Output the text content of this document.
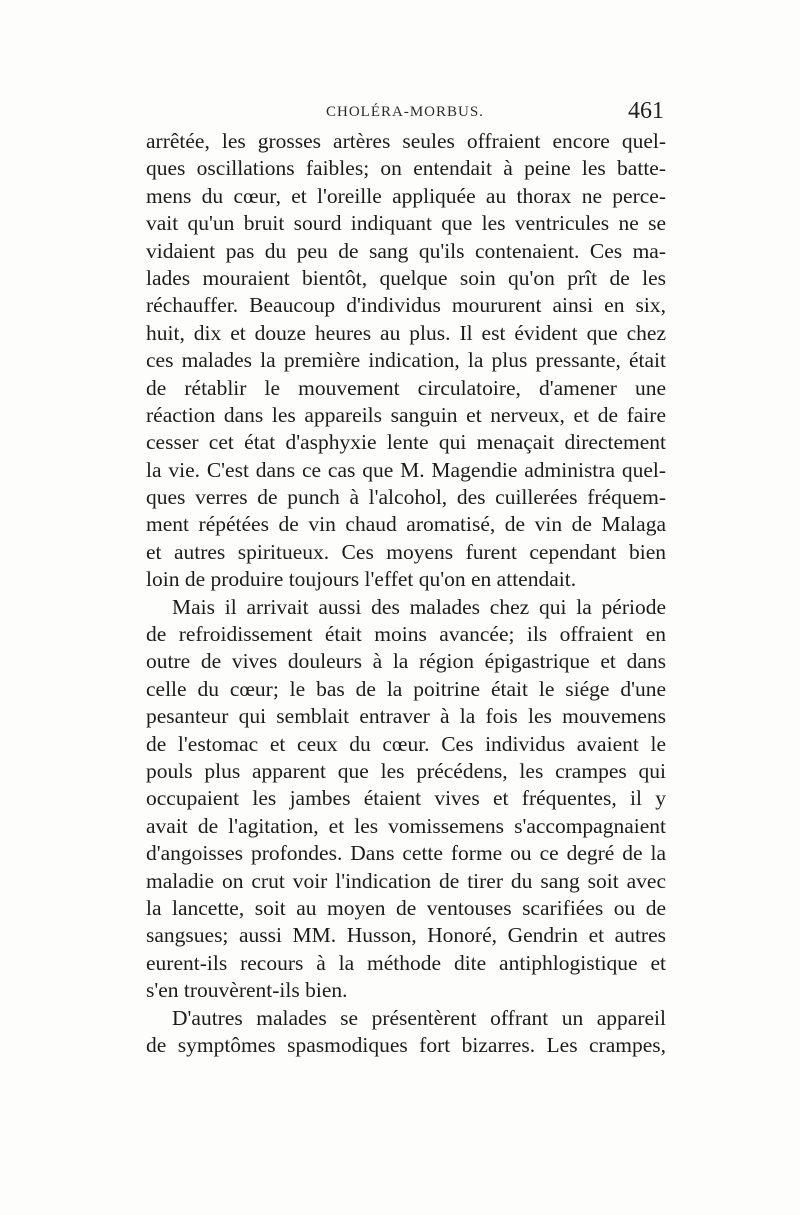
CHOLÉRA-MORBUS.	461
arrêtée, les grosses artères seules offraient encore quel-
ques oscillations faibles; on entendait à peine les batte-
mens du cœur, et l'oreille appliquée au thorax ne perce-
vait qu'un bruit sourd indiquant que les ventricules ne se
vidaient pas du peu de sang qu'ils contenaient. Ces ma-
lades mouraient bientôt, quelque soin qu'on prît de les
réchauffer. Beaucoup d'individus moururent ainsi en six,
huit, dix et douze heures au plus. Il est évident que chez
ces malades la première indication, la plus pressante, était
de rétablir le mouvement circulatoire, d'amener une
réaction dans les appareils sanguin et nerveux, et de faire
cesser cet état d'asphyxie lente qui menaçait directement
la vie. C'est dans ce cas que M. Magendie administra quel-
ques verres de punch à l'alcohol, des cuillerées fréquem-
ment répétées de vin chaud aromatisé, de vin de Malaga
et autres spiritueux. Ces moyens furent cependant bien
loin de produire toujours l'effet qu'on en attendait.
Mais il arrivait aussi des malades chez qui la période
de refroidissement était moins avancée; ils offraient en
outre de vives douleurs à la région épigastrique et dans
celle du cœur; le bas de la poitrine était le siége d'une
pesanteur qui semblait entraver à la fois les mouvemens
de l'estomac et ceux du cœur. Ces individus avaient le
pouls plus apparent que les précédens, les crampes qui
occupaient les jambes étaient vives et fréquentes, il y
avait de l'agitation, et les vomissemens s'accompagnaient
d'angoisses profondes. Dans cette forme ou ce degré de la
maladie on crut voir l'indication de tirer du sang soit avec
la lancette, soit au moyen de ventouses scarifiées ou de
sangsues; aussi MM. Husson, Honoré, Gendrin et autres
eurent-ils recours à la méthode dite antiphlogistique et
s'en trouvèrent-ils bien.
D'autres malades se présentèrent offrant un appareil
de symptômes spasmodiques fort bizarres. Les crampes,
